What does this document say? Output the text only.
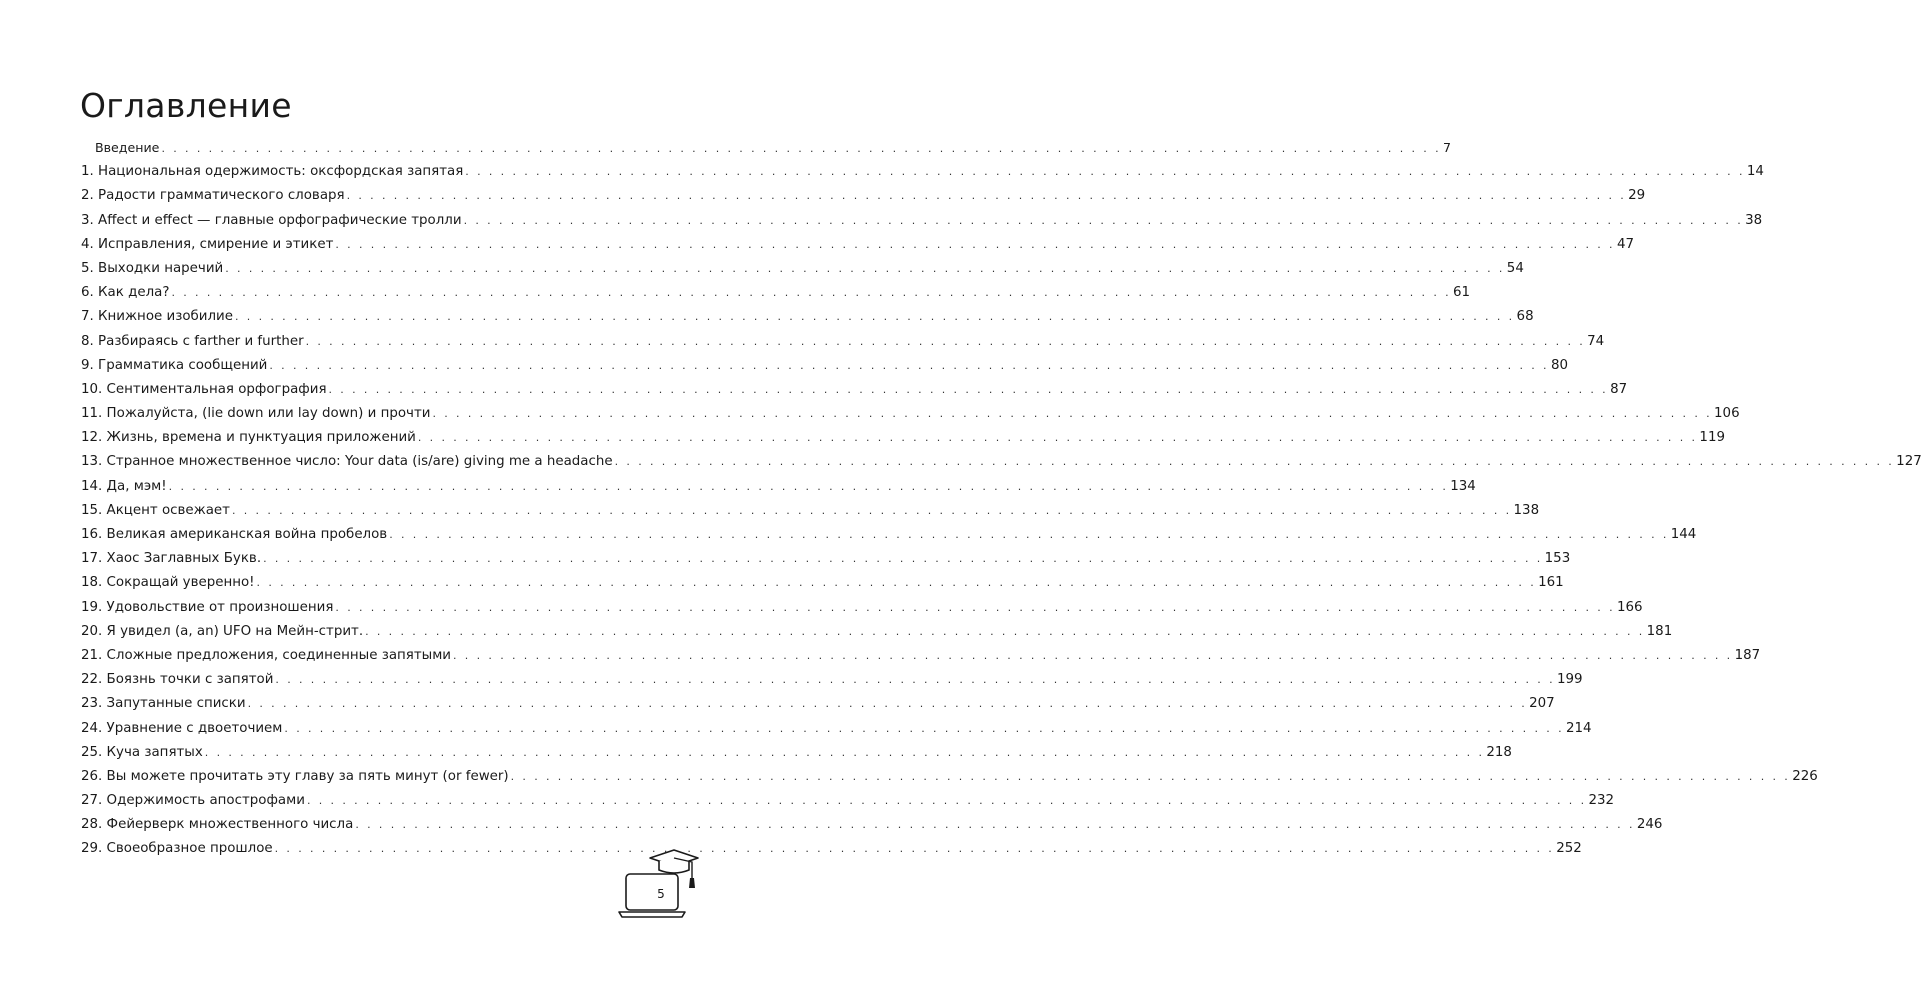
Оглавление
Введение . . .	7
1. Национальная одержимость: оксфордская запятая . . .	14
2. Радости грамматического словаря . . .	29
3. Affect и effect — главные орфографические тролли . . .	38
4. Исправления, смирение и этикет . . .	47
5. Выходки наречий . . .	54
6. Как дела? . . .	61
7. Книжное изобилие . . .	68
8. Разбираясь с farther и further . . .	74
9. Грамматика сообщений . . .	80
10. Сентиментальная орфография . . .	87
11. Пожалуйста, (lie down или lay down) и прочти . . .	106
12. Жизнь, времена и пунктуация приложений . . .	119
13. Странное множественное число: Your data (is/are) giving me a headache . . .	127
14. Да, мэм! . . .	134
15. Акцент освежает . . .	138
16. Великая американская война пробелов . . .	144
17. Хаос Заглавных Букв. . . .	153
18. Сокращай уверенно! . . .	161
19. Удовольствие от произношения . . .	166
20. Я увидел (a, an) UFO на Мейн-стрит. . . .	181
21. Сложные предложения, соединенные запятыми . . .	187
22. Боязнь точки с запятой . . .	199
23. Запутанные списки . . .	207
24. Уравнение с двоеточием . . .	214
25. Куча запятых . . .	218
26. Вы можете прочитать эту главу за пять минут (or fewer) . . .	226
27. Одержимость апострофами . . .	232
28. Фейерверк множественного числа . . .	246
29. Своеобразное прошлое . . .	252
5
